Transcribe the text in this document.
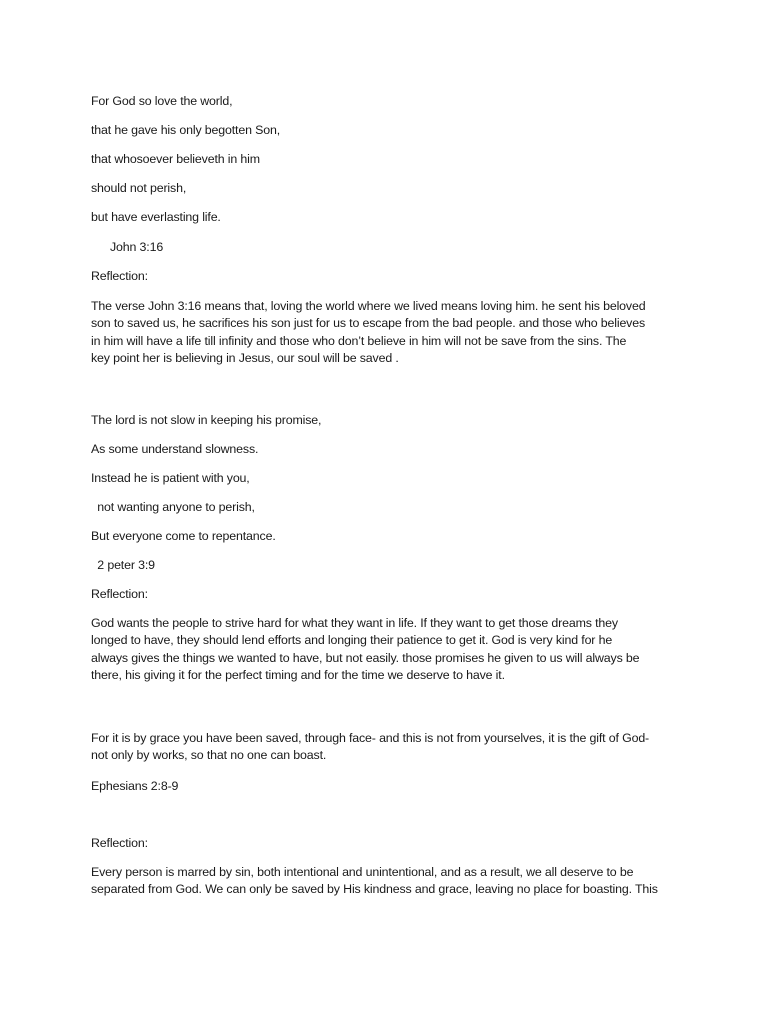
For God so love the world,
that he gave his only begotten Son,
that whosoever believeth in him
should not perish,
but have everlasting life.
John 3:16
Reflection:
The verse John 3:16 means that, loving the world where we lived means loving him. he sent his beloved
son to saved us, he sacrifices his son just for us to escape from the bad people. and those who believes
in him will have a life till infinity and those who don’t believe in him will not be save from the sins. The
key point her is believing in Jesus, our soul will be saved .
The lord is not slow in keeping his promise,
As some understand slowness.
Instead he is patient with you,
not wanting anyone to perish,
But everyone come to repentance.
2 peter 3:9
Reflection:
God wants the people to strive hard for what they want in life. If they want to get those dreams they
longed to have, they should lend efforts and longing their patience to get it. God is very kind for he
always gives the things we wanted to have, but not easily. those promises he given to us will always be
there, his giving it for the perfect timing and for the time we deserve to have it.
For it is by grace you have been saved, through face- and this is not from yourselves, it is the gift of God-
not only by works, so that no one can boast.
Ephesians 2:8-9
Reflection:
Every person is marred by sin, both intentional and unintentional, and as a result, we all deserve to be
separated from God. We can only be saved by His kindness and grace, leaving no place for boasting. This
